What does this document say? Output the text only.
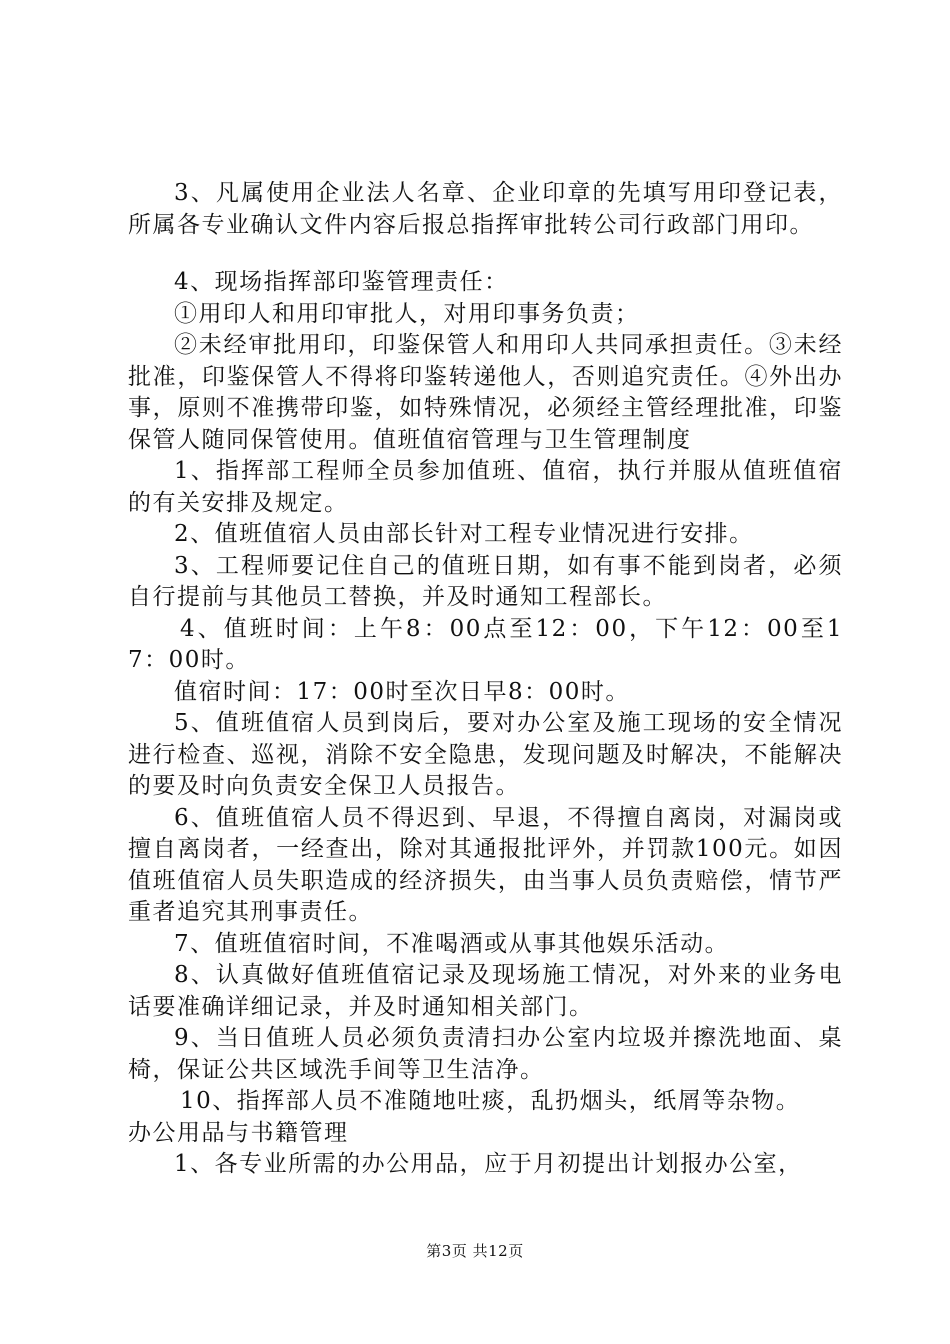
3、凡属使用企业法人名章、企业印章的先填写用印登记表，所属各专业确认文件内容后报总指挥审批转公司行政部门用印。

4、现场指挥部印鉴管理责任：

①用印人和用印审批人，对用印事务负责；

②未经审批用印，印鉴保管人和用印人共同承担责任。③未经批准，印鉴保管人不得将印鉴转递他人，否则追究责任。④外出办事，原则不准携带印鉴，如特殊情况，必须经主管经理批准，印鉴保管人随同保管使用。值班值宿管理与卫生管理制度

1、指挥部工程师全员参加值班、值宿，执行并服从值班值宿的有关安排及规定。

2、值班值宿人员由部长针对工程专业情况进行安排。

3、工程师要记住自己的值班日期，如有事不能到岗者，必须自行提前与其他员工替换，并及时通知工程部长。

4、值班时间：上午8：00点至12：00，下午12：00至17：00时。

值宿时间：17：00时至次日早8：00时。

5、值班值宿人员到岗后，要对办公室及施工现场的安全情况进行检查、巡视，消除不安全隐患，发现问题及时解决，不能解决的要及时向负责安全保卫人员报告。

6、值班值宿人员不得迟到、早退，不得擅自离岗，对漏岗或擅自离岗者，一经查出，除对其通报批评外，并罚款100元。如因值班值宿人员失职造成的经济损失，由当事人员负责赔偿，情节严重者追究其刑事责任。

7、值班值宿时间，不准喝酒或从事其他娱乐活动。

8、认真做好值班值宿记录及现场施工情况，对外来的业务电话要准确详细记录，并及时通知相关部门。

9、当日值班人员必须负责清扫办公室内垃圾并擦洗地面、桌椅，保证公共区域洗手间等卫生洁净。

10、指挥部人员不准随地吐痰，乱扔烟头，纸屑等杂物。

办公用品与书籍管理

1、各专业所需的办公用品，应于月初提出计划报办公室，

第3页 共12页
